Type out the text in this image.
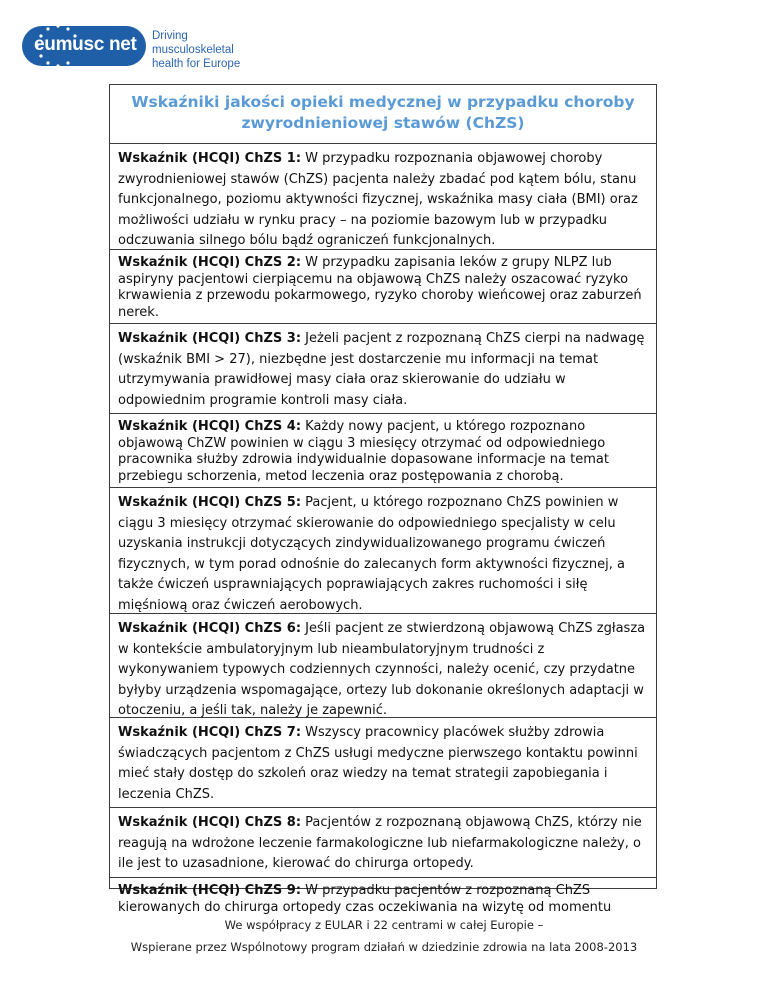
eumusc net Driving musculoskeletal
health for Europe
Wskaźniki jakości opieki medycznej w przypadku choroby
zwyrodnieniowej stawów (ChZS)
Wskaźnik (HCQI) ChZS 1: W przypadku rozpoznania objawowej choroby zwyrodnieniowej stawów (ChZS) pacjenta należy zbadać pod kątem bólu, stanu funkcjonalnego, poziomu aktywności fizycznej, wskaźnika masy ciała (BMI) oraz możliwości udziału w rynku pracy – na poziomie bazowym lub w przypadku odczuwania silnego bólu bądź ograniczeń funkcjonalnych.
Wskaźnik (HCQI) ChZS 2: W przypadku zapisania leków z grupy NLPZ lub aspiryny pacjentowi cierpiącemu na objawową ChZS należy oszacować ryzyko krwawienia z przewodu pokarmowego, ryzyko choroby wieńcowej oraz zaburzeń nerek.
Wskaźnik (HCQI) ChZS 3: Jeżeli pacjent z rozpoznaną ChZS cierpi na nadwagę (wskaźnik BMI > 27), niezbędne jest dostarczenie mu informacji na temat utrzymywania prawidłowej masy ciała oraz skierowanie do udziału w odpowiednim programie kontroli masy ciała.
Wskaźnik (HCQI) ChZS 4: Każdy nowy pacjent, u którego rozpoznano objawową ChZW powinien w ciągu 3 miesięcy otrzymać od odpowiedniego pracownika służby zdrowia indywidualnie dopasowane informacje na temat przebiegu schorzenia, metod leczenia oraz postępowania z chorobą.
Wskaźnik (HCQI) ChZS 5: Pacjent, u którego rozpoznano ChZS powinien w ciągu 3 miesięcy otrzymać skierowanie do odpowiedniego specjalisty w celu uzyskania instrukcji dotyczących zindywidualizowanego programu ćwiczeń fizycznych, w tym porad odnośnie do zalecanych form aktywności fizycznej, a także ćwiczeń usprawniających poprawiających zakres ruchomości i siłę mięśniową oraz ćwiczeń aerobowych.
Wskaźnik (HCQI) ChZS 6: Jeśli pacjent ze stwierdzoną objawową ChZS zgłasza w kontekście ambulatoryjnym lub nieambulatoryjnym trudności z wykonywaniem typowych codziennych czynności, należy ocenić, czy przydatne byłyby urządzenia wspomagające, ortezy lub dokonanie określonych adaptacji w otoczeniu, a jeśli tak, należy je zapewnić.
Wskaźnik (HCQI) ChZS 7: Wszyscy pracownicy placówek służby zdrowia świadczących pacjentom z ChZS usługi medyczne pierwszego kontaktu powinni mieć stały dostęp do szkoleń oraz wiedzy na temat strategii zapobiegania i leczenia ChZS.
Wskaźnik (HCQI) ChZS 8: Pacjentów z rozpoznaną objawową ChZS, którzy nie reagują na wdrożone leczenie farmakologiczne lub niefarmakologiczne należy, o ile jest to uzasadnione, kierować do chirurga ortopedy.
Wskaźnik (HCQI) ChZS 9: W przypadku pacjentów z rozpoznaną ChZS kierowanych do chirurga ortopedy czas oczekiwania na wizytę od momentu
We współpracy z EULAR i 22 centrami w całej Europie –
Wspierane przez Wspólnotowy program działań w dziedzinie zdrowia na lata 2008-2013
